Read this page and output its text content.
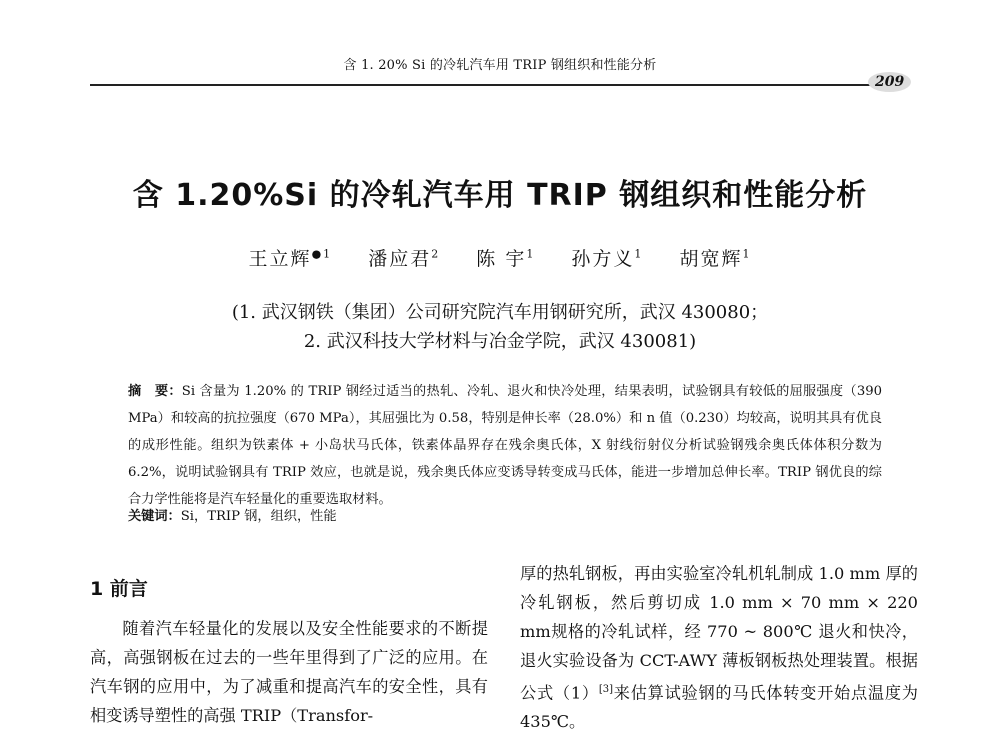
含 1. 20% Si 的冷轧汽车用 TRIP 钢组织和性能分析
209
含 1.20%Si 的冷轧汽车用 TRIP 钢组织和性能分析
王立辉$^{●1}$ 潘应君$^2$ 陈 宇$^1$ 孙方义$^1$ 胡宽辉$^1$
(1. 武汉钢铁（集团）公司研究院汽车用钢研究所，武汉 430080；
2. 武汉科技大学材料与冶金学院，武汉 430081)
摘　要：Si 含量为 1.20% 的 TRIP 钢经过适当的热轧、冷轧、退火和快冷处理，结果表明，试验钢具有较低的屈服强度（390 MPa）和较高的抗拉强度（670 MPa），其屈强比为 0.58，特别是伸长率（28.0%）和 n 值（0.230）均较高，说明其具有优良的成形性能。组织为铁素体 + 小岛状马氏体，铁素体晶界存在残余奥氏体，X 射线衍射仪分析试验钢残余奥氏体体积分数为 6.2%，说明试验钢具有 TRIP 效应，也就是说，残余奥氏体应变诱导转变成马氏体，能进一步增加总伸长率。TRIP 钢优良的综合力学性能将是汽车轻量化的重要选取材料。
关键词：Si，TRIP 钢，组织，性能
1 前言
随着汽车轻量化的发展以及安全性能要求的不断提高，高强钢板在过去的一些年里得到了广泛的应用。在汽车钢的应用中，为了减重和提高汽车的安全性，具有相变诱导塑性的高强 TRIP（Transfor-
厚的热轧钢板，再由实验室冷轧机轧制成 1.0 mm 厚的冷轧钢板，然后剪切成 1.0 mm × 70 mm × 220 mm规格的冷轧试样，经 770 ~ 800℃ 退火和快冷，退火实验设备为 CCT-AWY 薄板钢板热处理装置。根据公式（1）[3]来估算试验钢的马氏体转变开始点温度为 435℃。
